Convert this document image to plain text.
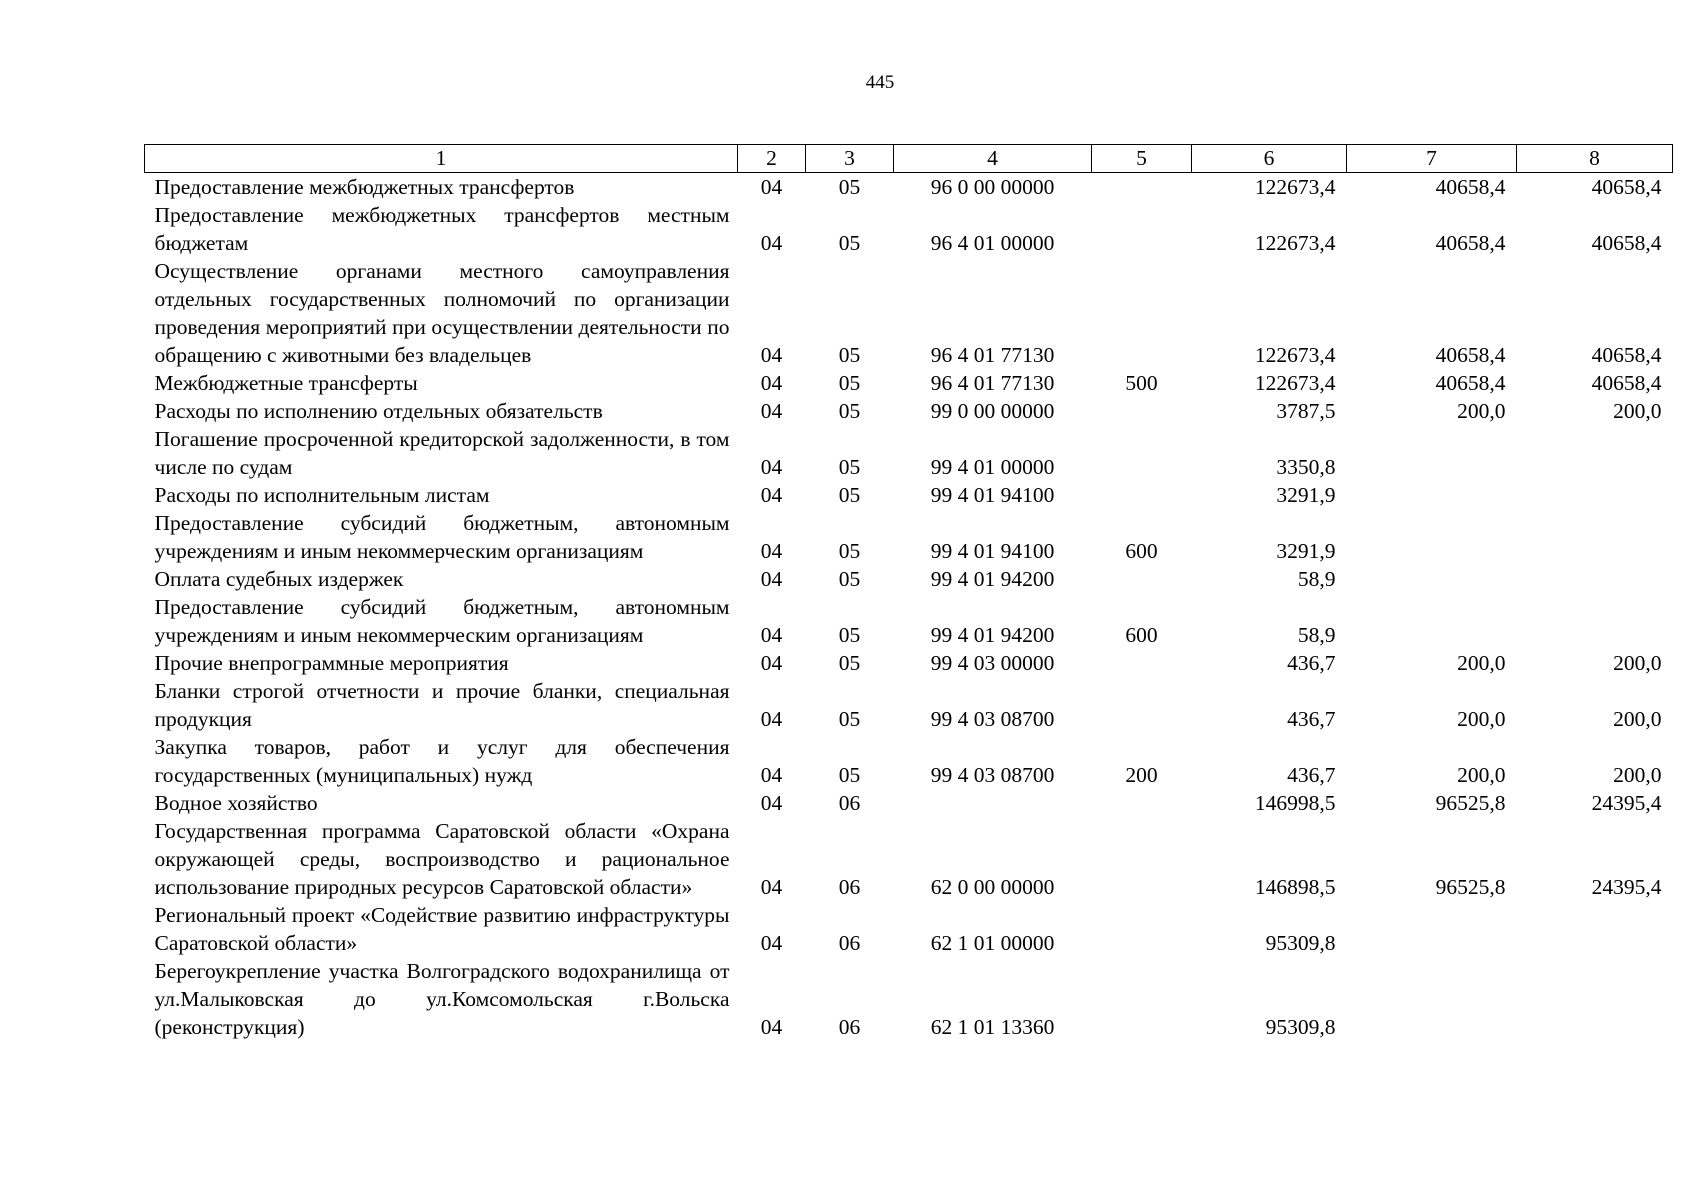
445
1	2	3	4	5	6	7	8

Предоставление межбюджетных трансфертов	04	05	96 0 00 00000		122673,4	40658,4	40658,4

Предоставление межбюджетных трансфертов местным бюджетам	04	05	96 4 01 00000		122673,4	40658,4	40658,4

Осуществление органами местного самоуправления отдельных государственных полномочий по организации проведения мероприятий при осуществлении деятельности по обращению с животными без владельцев	04	05	96 4 01 77130		122673,4	40658,4	40658,4

Межбюджетные трансферты	04	05	96 4 01 77130	500	122673,4	40658,4	40658,4

Расходы по исполнению отдельных обязательств	04	05	99 0 00 00000		3787,5	200,0	200,0

Погашение просроченной кредиторской задолженности, в том числе по судам	04	05	99 4 01 00000		3350,8		

Расходы по исполнительным листам	04	05	99 4 01 94100		3291,9		

Предоставление субсидий бюджетным, автономным учреждениям и иным некоммерческим организациям	04	05	99 4 01 94100	600	3291,9		

Оплата судебных издержек	04	05	99 4 01 94200		58,9		

Предоставление субсидий бюджетным, автономным учреждениям и иным некоммерческим организациям	04	05	99 4 01 94200	600	58,9		

Прочие внепрограммные мероприятия	04	05	99 4 03 00000		436,7	200,0	200,0

Бланки строгой отчетности и прочие бланки, специальная продукция	04	05	99 4 03 08700		436,7	200,0	200,0

Закупка товаров, работ и услуг для обеспечения государственных (муниципальных) нужд	04	05	99 4 03 08700	200	436,7	200,0	200,0

Водное хозяйство	04	06			146998,5	96525,8	24395,4

Государственная программа Саратовской области «Охрана окружающей среды, воспроизводство и рациональное использование природных ресурсов Саратовской области»	04	06	62 0 00 00000		146898,5	96525,8	24395,4

Региональный проект «Содействие развитию инфраструктуры Саратовской области»	04	06	62 1 01 00000		95309,8		

Берегоукрепление участка Волгоградского водохранилища от ул.Малыковская до ул.Комсомольская г.Вольска (реконструкция)	04	06	62 1 01 13360		95309,8		
